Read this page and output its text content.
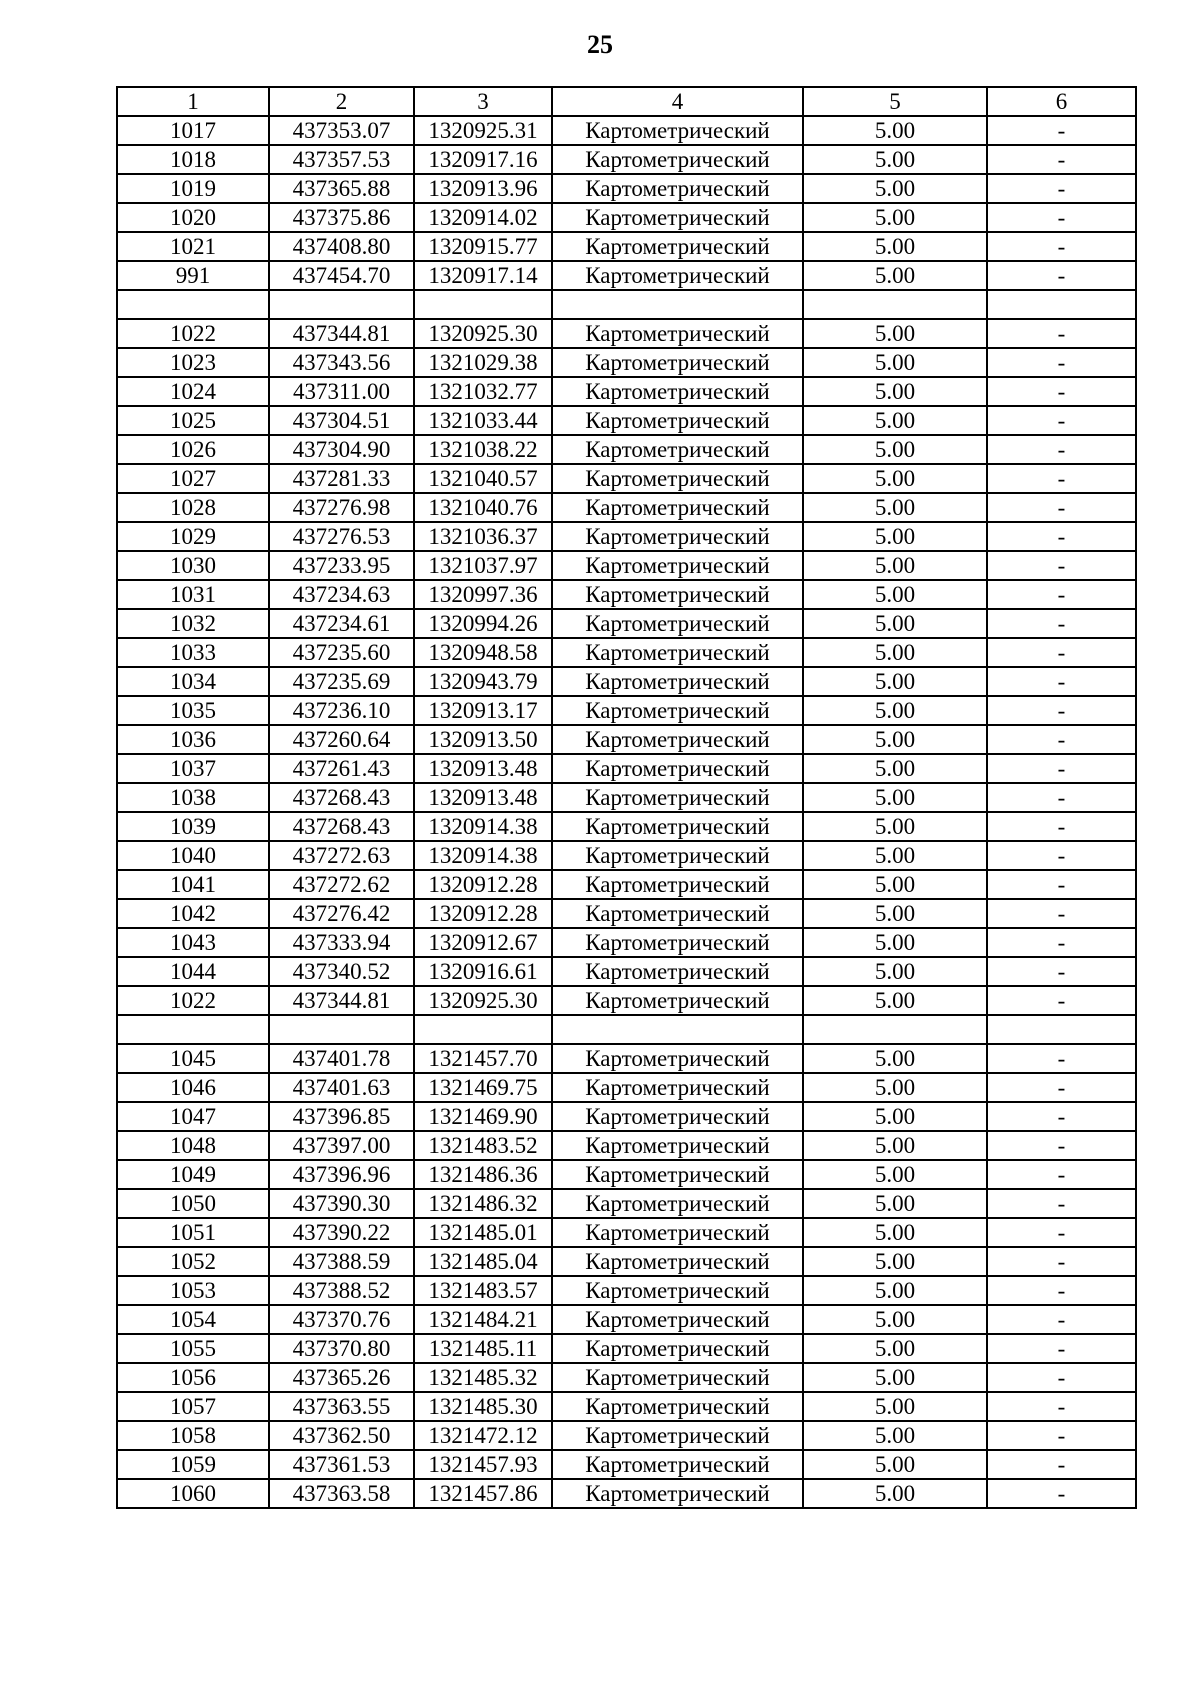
25
1	2	3	4	5	6
1017	437353.07	1320925.31	Картометрический	5.00	-
1018	437357.53	1320917.16	Картометрический	5.00	-
1019	437365.88	1320913.96	Картометрический	5.00	-
1020	437375.86	1320914.02	Картометрический	5.00	-
1021	437408.80	1320915.77	Картометрический	5.00	-
991	437454.70	1320917.14	Картометрический	5.00	-

1022	437344.81	1320925.30	Картометрический	5.00	-
1023	437343.56	1321029.38	Картометрический	5.00	-
1024	437311.00	1321032.77	Картометрический	5.00	-
1025	437304.51	1321033.44	Картометрический	5.00	-
1026	437304.90	1321038.22	Картометрический	5.00	-
1027	437281.33	1321040.57	Картометрический	5.00	-
1028	437276.98	1321040.76	Картометрический	5.00	-
1029	437276.53	1321036.37	Картометрический	5.00	-
1030	437233.95	1321037.97	Картометрический	5.00	-
1031	437234.63	1320997.36	Картометрический	5.00	-
1032	437234.61	1320994.26	Картометрический	5.00	-
1033	437235.60	1320948.58	Картометрический	5.00	-
1034	437235.69	1320943.79	Картометрический	5.00	-
1035	437236.10	1320913.17	Картометрический	5.00	-
1036	437260.64	1320913.50	Картометрический	5.00	-
1037	437261.43	1320913.48	Картометрический	5.00	-
1038	437268.43	1320913.48	Картометрический	5.00	-
1039	437268.43	1320914.38	Картометрический	5.00	-
1040	437272.63	1320914.38	Картометрический	5.00	-
1041	437272.62	1320912.28	Картометрический	5.00	-
1042	437276.42	1320912.28	Картометрический	5.00	-
1043	437333.94	1320912.67	Картометрический	5.00	-
1044	437340.52	1320916.61	Картометрический	5.00	-
1022	437344.81	1320925.30	Картометрический	5.00	-

1045	437401.78	1321457.70	Картометрический	5.00	-
1046	437401.63	1321469.75	Картометрический	5.00	-
1047	437396.85	1321469.90	Картометрический	5.00	-
1048	437397.00	1321483.52	Картометрический	5.00	-
1049	437396.96	1321486.36	Картометрический	5.00	-
1050	437390.30	1321486.32	Картометрический	5.00	-
1051	437390.22	1321485.01	Картометрический	5.00	-
1052	437388.59	1321485.04	Картометрический	5.00	-
1053	437388.52	1321483.57	Картометрический	5.00	-
1054	437370.76	1321484.21	Картометрический	5.00	-
1055	437370.80	1321485.11	Картометрический	5.00	-
1056	437365.26	1321485.32	Картометрический	5.00	-
1057	437363.55	1321485.30	Картометрический	5.00	-
1058	437362.50	1321472.12	Картометрический	5.00	-
1059	437361.53	1321457.93	Картометрический	5.00	-
1060	437363.58	1321457.86	Картометрический	5.00	-
